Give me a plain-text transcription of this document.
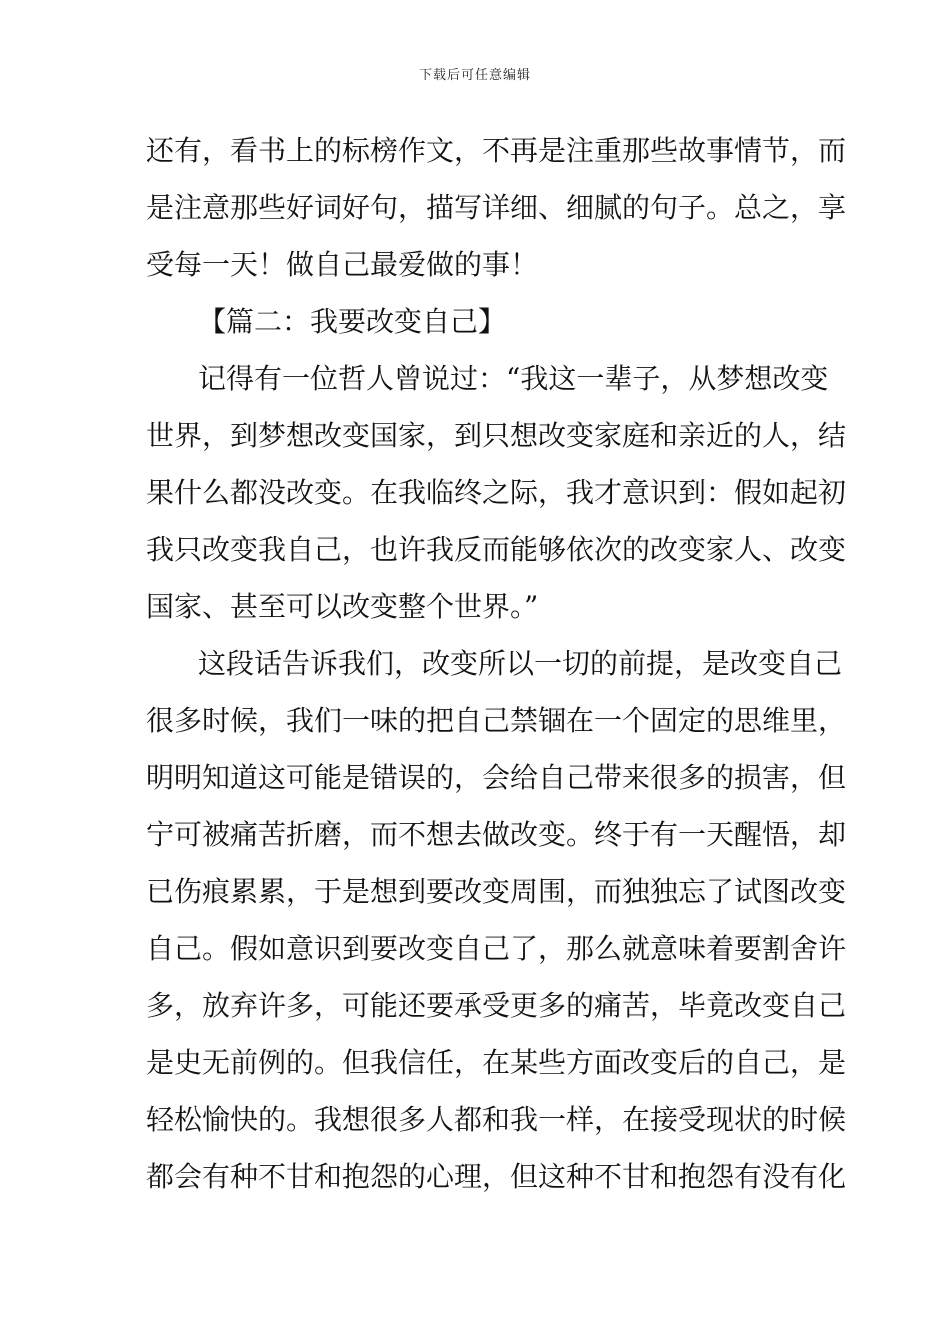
下载后可任意编辑
还有，看书上的标榜作文，不再是注重那些故事情节，而
是注意那些好词好句，描写详细、细腻的句子。总之，享
受每一天！做自己最爱做的事！
【篇二：我要改变自己】
记得有一位哲人曾说过：“我这一辈子，从梦想改变
世界，到梦想改变国家，到只想改变家庭和亲近的人，结
果什么都没改变。在我临终之际，我才意识到：假如起初
我只改变我自己，也许我反而能够依次的改变家人、改变
国家、甚至可以改变整个世界。”
这段话告诉我们，改变所以一切的前提，是改变自己
很多时候，我们一味的把自己禁锢在一个固定的思维里，
明明知道这可能是错误的，会给自己带来很多的损害，但
宁可被痛苦折磨，而不想去做改变。终于有一天醒悟，却
已伤痕累累，于是想到要改变周围，而独独忘了试图改变
自己。假如意识到要改变自己了，那么就意味着要割舍许
多，放弃许多，可能还要承受更多的痛苦，毕竟改变自己
是史无前例的。但我信任，在某些方面改变后的自己，是
轻松愉快的。我想很多人都和我一样，在接受现状的时候
都会有种不甘和抱怨的心理，但这种不甘和抱怨有没有化
